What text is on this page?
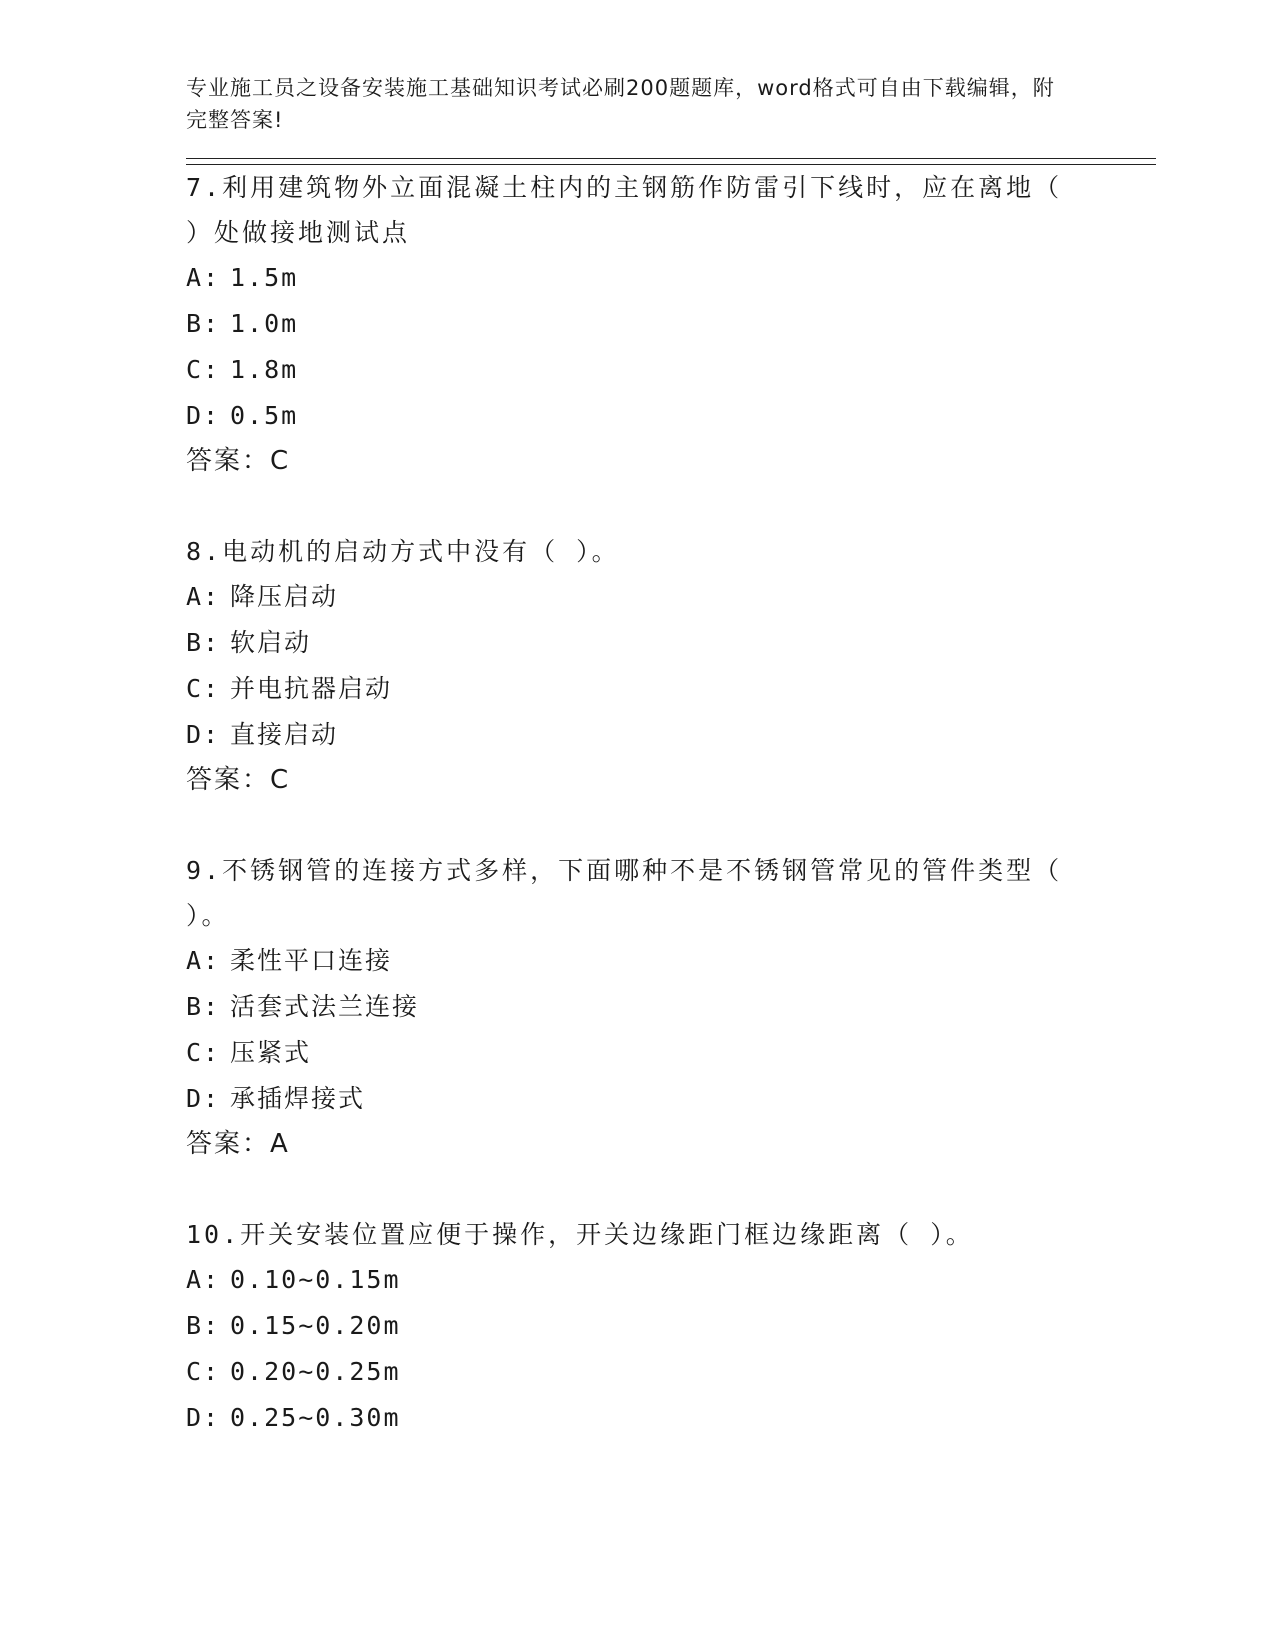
专业施工员之设备安装施工基础知识考试必刷200题题库，word格式可自由下载编辑，附完整答案!
7.利用建筑物外立面混凝土柱内的主钢筋作防雷引下线时，应在离地（ ）处做接地测试点
A: 1.5m
B: 1.0m
C: 1.8m
D: 0.5m
答案：C
8.电动机的启动方式中没有（ ）。
A: 降压启动
B: 软启动
C: 并电抗器启动
D: 直接启动
答案：C
9.不锈钢管的连接方式多样，下面哪种不是不锈钢管常见的管件类型（ ）。
A: 柔性平口连接
B: 活套式法兰连接
C: 压紧式
D: 承插焊接式
答案：A
10.开关安装位置应便于操作，开关边缘距门框边缘距离（ ）。
A: 0.10~0.15m
B: 0.15~0.20m
C: 0.20~0.25m
D: 0.25~0.30m
